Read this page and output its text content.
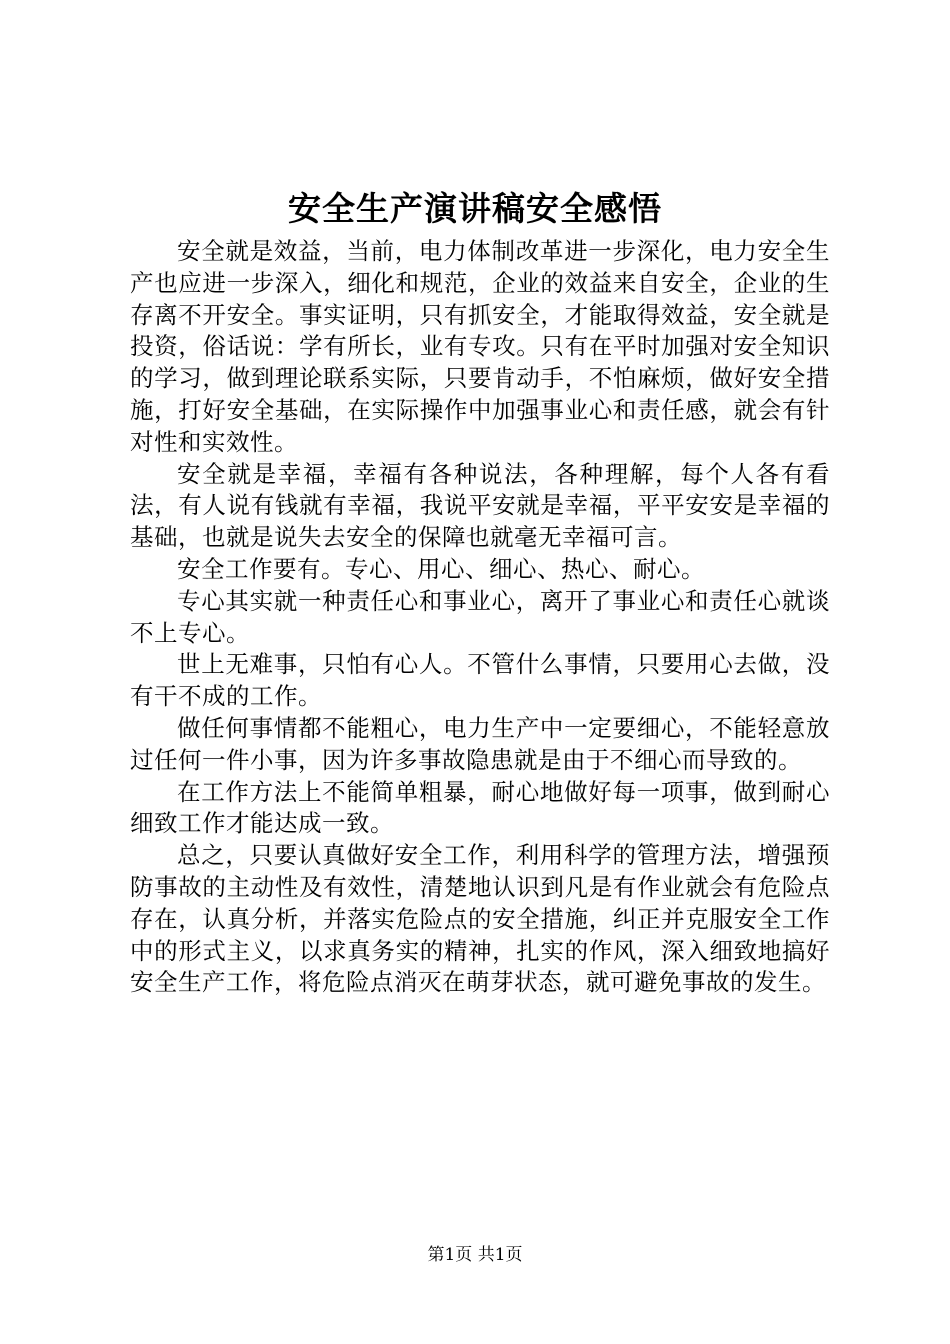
安全生产演讲稿安全感悟

安全就是效益，当前，电力体制改革进一步深化，电力安全生产也应进一步深入，细化和规范，企业的效益来自安全，企业的生存离不开安全。事实证明，只有抓安全，才能取得效益，安全就是投资，俗话说：学有所长，业有专攻。只有在平时加强对安全知识的学习，做到理论联系实际，只要肯动手，不怕麻烦，做好安全措施，打好安全基础，在实际操作中加强事业心和责任感，就会有针对性和实效性。

安全就是幸福，幸福有各种说法，各种理解，每个人各有看法，有人说有钱就有幸福，我说平安就是幸福，平平安安是幸福的基础，也就是说失去安全的保障也就毫无幸福可言。

安全工作要有。专心、用心、细心、热心、耐心。

专心其实就一种责任心和事业心，离开了事业心和责任心就谈不上专心。

世上无难事，只怕有心人。不管什么事情，只要用心去做，没有干不成的工作。

做任何事情都不能粗心，电力生产中一定要细心，不能轻意放过任何一件小事，因为许多事故隐患就是由于不细心而导致的。

在工作方法上不能简单粗暴，耐心地做好每一项事，做到耐心细致工作才能达成一致。

总之，只要认真做好安全工作，利用科学的管理方法，增强预防事故的主动性及有效性，清楚地认识到凡是有作业就会有危险点存在，认真分析，并落实危险点的安全措施，纠正并克服安全工作中的形式主义，以求真务实的精神，扎实的作风，深入细致地搞好安全生产工作，将危险点消灭在萌芽状态，就可避免事故的发生。

第1页 共1页
